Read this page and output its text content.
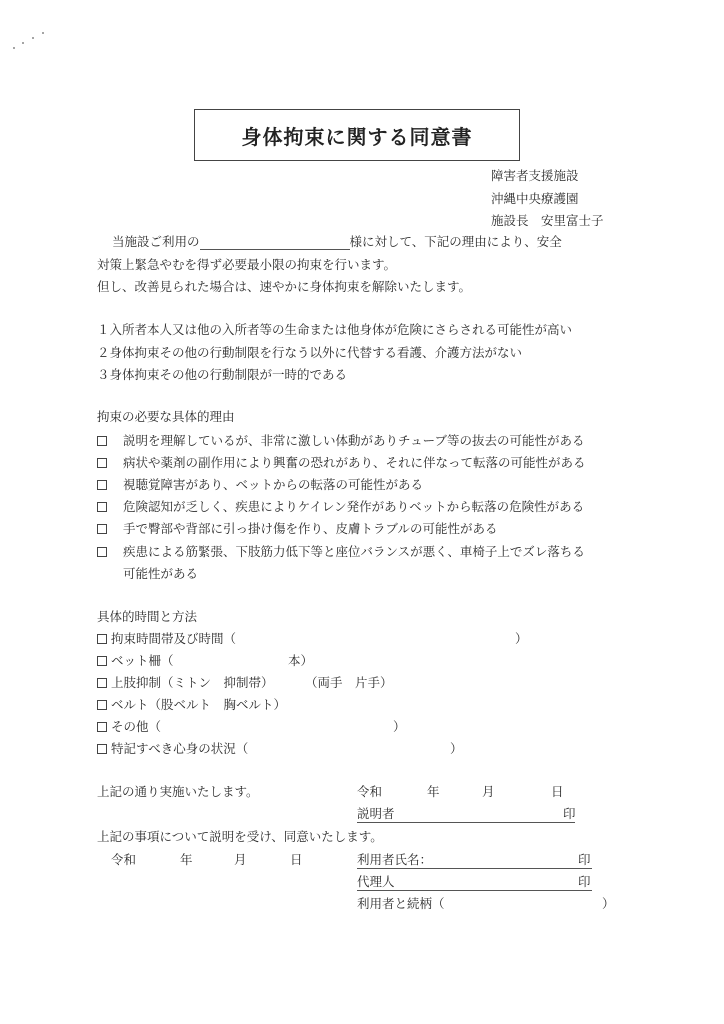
身体拘束に関する同意書
障害者支援施設
沖縄中央療護園
施設長　安里富士子
当施設ご利用の	様に対して、下記の理由により、安全
対策上緊急やむを得ず必要最小限の拘束を行います。
但し、改善見られた場合は、速やかに身体拘束を解除いたします。
１入所者本人又は他の入所者等の生命または他身体が危険にさらされる可能性が高い
２身体拘束その他の行動制限を行なう以外に代替する看護、介護方法がない
３身体拘束その他の行動制限が一時的である
拘束の必要な具体的理由
説明を理解しているが、非常に激しい体動がありチューブ等の抜去の可能性がある
病状や薬剤の副作用により興奮の恐れがあり、それに伴なって転落の可能性がある
視聴覚障害があり、ベットからの転落の可能性がある
危険認知が乏しく、疾患によりケイレン発作がありベットから転落の危険性がある
手で臀部や背部に引っ掛け傷を作り、皮膚トラブルの可能性がある
疾患による筋緊張、下肢筋力低下等と座位バランスが悪く、車椅子上でズレ落ちる
可能性がある
具体的時間と方法
拘束時間帯及び時間（	）
ベット柵（	本）
上肢抑制（ミトン　抑制帯）	（両手　片手）
ベルト（股ベルト　胸ベルト）
その他（	）
特記すべき心身の状況（	）
上記の通り実施いたします。	令和	年	月	日
説明者	印
上記の事項について説明を受け、同意いたします。
令和	年	月	日	利用者氏名：	印
代理人	印
利用者と続柄（	）
